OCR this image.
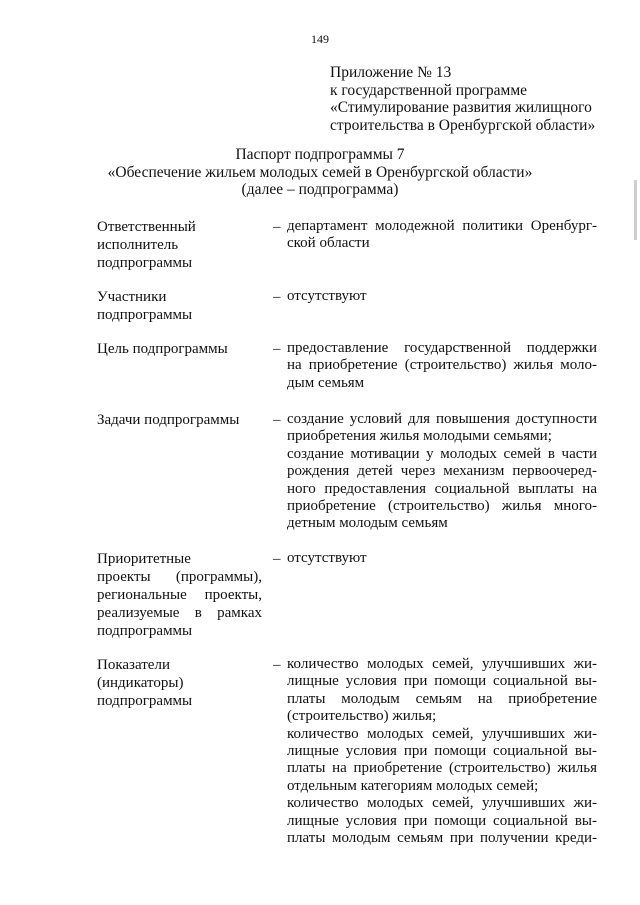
149
Приложение № 13
к государственной программе
«Стимулирование развития жилищного
строительства в Оренбургской области»
Паспорт подпрограммы 7
«Обеспечение жильем молодых семей в Оренбургской области»
(далее – подпрограмма)
Ответственный
исполнитель
подпрограммы
– департамент молодежной политики Оренбург-
ской области
Участники
подпрограммы
– отсутствуют
Цель подпрограммы	– предоставление государственной поддержки
на приобретение (строительство) жилья моло-
дым семьям
Задачи подпрограммы	– создание условий для повышения доступности
приобретения жилья молодыми семьями;
создание мотивации у молодых семей в части
рождения детей через механизм первоочеред-
ного предоставления социальной выплаты на
приобретение (строительство) жилья много-
детным молодым семьям
Приоритетные
проекты (программы),
региональные проекты,
реализуемые в рамках
подпрограммы
– отсутствуют
Показатели
(индикаторы)
подпрограммы
– количество молодых семей, улучшивших жи-
лищные условия при помощи социальной вы-
платы молодым семьям на приобретение
(строительство) жилья;
количество молодых семей, улучшивших жи-
лищные условия при помощи социальной вы-
платы на приобретение (строительство) жилья
отдельным категориям молодых семей;
количество молодых семей, улучшивших жи-
лищные условия при помощи социальной вы-
платы молодым семьям при получении креди-
